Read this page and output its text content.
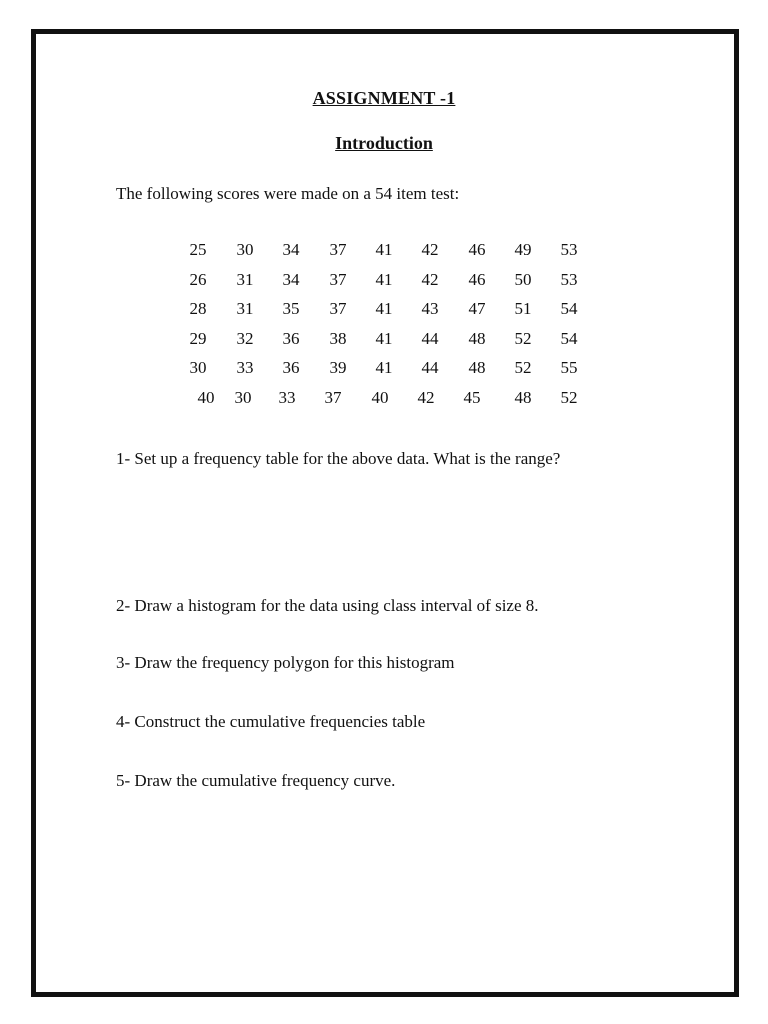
ASSIGNMENT -1
Introduction
The following scores were made on a 54 item test:
25	30	34	37	41	42	46	49	53
26	31	34	37	41	42	46	50	53
28	31	35	37	41	43	47	51	54
29	32	36	38	41	44	48	52	54
30	33	36	39	41	44	48	52	55
40	30	33	37	40	42	45	48	52
1- Set up a frequency table for the above data. What is the range?
2- Draw a histogram for the data using class interval of size 8.
3- Draw the frequency polygon for this histogram
4- Construct the cumulative frequencies table
5- Draw the cumulative frequency curve.
